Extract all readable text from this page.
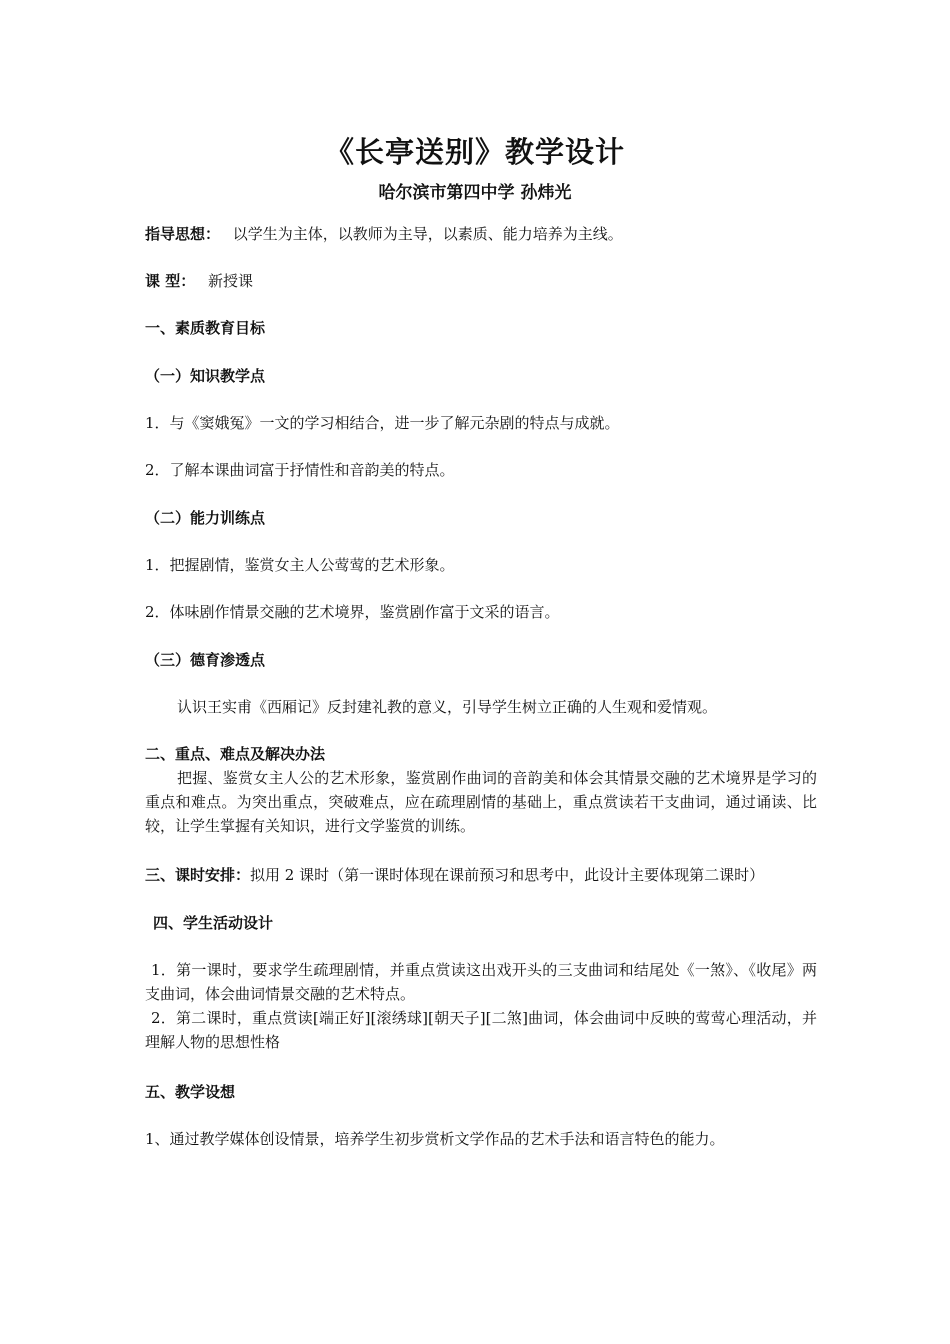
《长亭送别》教学设计
哈尔滨市第四中学 孙炜光
指导思想： 以学生为主体，以教师为主导，以素质、能力培养为主线。
课 型： 新授课
一、素质教育目标
（一）知识教学点
1．与《窦娥冤》一文的学习相结合，进一步了解元杂剧的特点与成就。
2．了解本课曲词富于抒情性和音韵美的特点。
（二）能力训练点
1．把握剧情，鉴赏女主人公莺莺的艺术形象。
2．体味剧作情景交融的艺术境界，鉴赏剧作富于文采的语言。
（三）德育渗透点
认识王实甫《西厢记》反封建礼教的意义，引导学生树立正确的人生观和爱情观。
二、重点、难点及解决办法
把握、鉴赏女主人公的艺术形象，鉴赏剧作曲词的音韵美和体会其情景交融的艺术境界是学习的重点和难点。为突出重点，突破难点，应在疏理剧情的基础上，重点赏读若干支曲词，通过诵读、比较，让学生掌握有关知识，进行文学鉴赏的训练。
三、课时安排：拟用 2 课时（第一课时体现在课前预习和思考中，此设计主要体现第二课时）
四、学生活动设计
1．第一课时，要求学生疏理剧情，并重点赏读这出戏开头的三支曲词和结尾处《一煞》、《收尾》两支曲词，体会曲词情景交融的艺术特点。
2．第二课时，重点赏读[端正好][滚绣球][朝天子][二煞]曲词，体会曲词中反映的莺莺心理活动，并理解人物的思想性格
五、教学设想
1、通过教学媒体创设情景，培养学生初步赏析文学作品的艺术手法和语言特色的能力。
